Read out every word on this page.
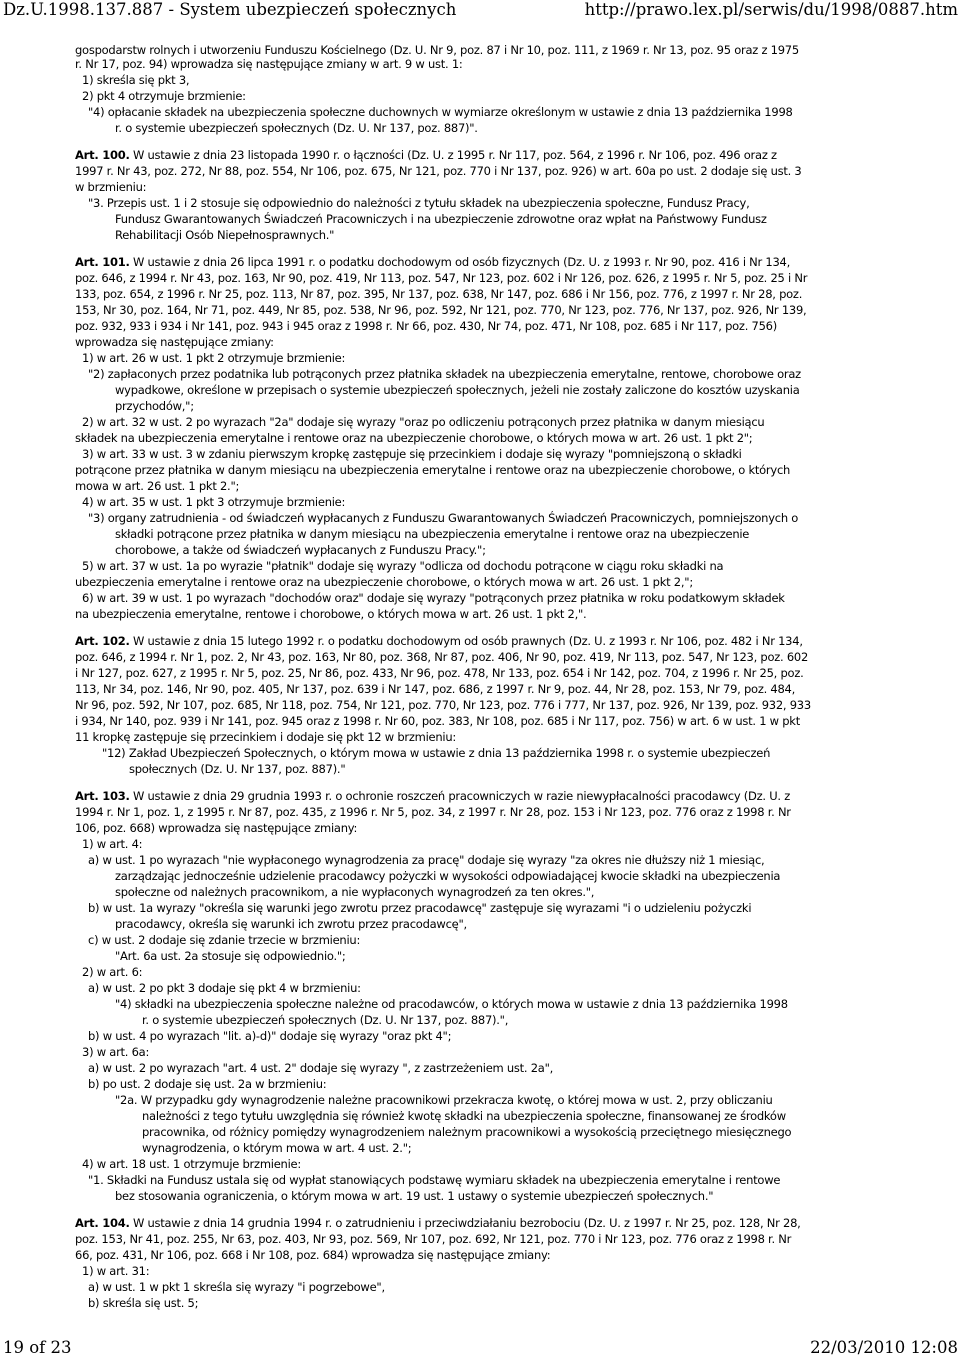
Dz.U.1998.137.887 - System ubezpieczeń społecznych	http://prawo.lex.pl/serwis/du/1998/0887.htm
gospodarstw rolnych i utworzeniu Funduszu Kościelnego (Dz. U. Nr 9, poz. 87 i Nr 10, poz. 111, z 1969 r. Nr 13, poz. 95 oraz z 1975
r. Nr 17, poz. 94) wprowadza się następujące zmiany w art. 9 w ust. 1:
1) skreśla się pkt 3,
2) pkt 4 otrzymuje brzmienie:
"4) opłacanie składek na ubezpieczenia społeczne duchownych w wymiarze określonym w ustawie z dnia 13 października 1998
r. o systemie ubezpieczeń społecznych (Dz. U. Nr 137, poz. 887)".
Art. 100. W ustawie z dnia 23 listopada 1990 r. o łączności (Dz. U. z 1995 r. Nr 117, poz. 564, z 1996 r. Nr 106, poz. 496 oraz z
1997 r. Nr 43, poz. 272, Nr 88, poz. 554, Nr 106, poz. 675, Nr 121, poz. 770 i Nr 137, poz. 926) w art. 60a po ust. 2 dodaje się ust. 3
w brzmieniu:
"3. Przepis ust. 1 i 2 stosuje się odpowiednio do należności z tytułu składek na ubezpieczenia społeczne, Fundusz Pracy,
Fundusz Gwarantowanych Świadczeń Pracowniczych i na ubezpieczenie zdrowotne oraz wpłat na Państwowy Fundusz
Rehabilitacji Osób Niepełnosprawnych."
Art. 101. W ustawie z dnia 26 lipca 1991 r. o podatku dochodowym od osób fizycznych (Dz. U. z 1993 r. Nr 90, poz. 416 i Nr 134,
poz. 646, z 1994 r. Nr 43, poz. 163, Nr 90, poz. 419, Nr 113, poz. 547, Nr 123, poz. 602 i Nr 126, poz. 626, z 1995 r. Nr 5, poz. 25 i Nr
133, poz. 654, z 1996 r. Nr 25, poz. 113, Nr 87, poz. 395, Nr 137, poz. 638, Nr 147, poz. 686 i Nr 156, poz. 776, z 1997 r. Nr 28, poz.
153, Nr 30, poz. 164, Nr 71, poz. 449, Nr 85, poz. 538, Nr 96, poz. 592, Nr 121, poz. 770, Nr 123, poz. 776, Nr 137, poz. 926, Nr 139,
poz. 932, 933 i 934 i Nr 141, poz. 943 i 945 oraz z 1998 r. Nr 66, poz. 430, Nr 74, poz. 471, Nr 108, poz. 685 i Nr 117, poz. 756)
wprowadza się następujące zmiany:
1) w art. 26 w ust. 1 pkt 2 otrzymuje brzmienie:
"2) zapłaconych przez podatnika lub potrąconych przez płatnika składek na ubezpieczenia emerytalne, rentowe, chorobowe oraz
wypadkowe, określone w przepisach o systemie ubezpieczeń społecznych, jeżeli nie zostały zaliczone do kosztów uzyskania
przychodów,";
2) w art. 32 w ust. 2 po wyrazach "2a" dodaje się wyrazy "oraz po odliczeniu potrąconych przez płatnika w danym miesiącu
składek na ubezpieczenia emerytalne i rentowe oraz na ubezpieczenie chorobowe, o których mowa w art. 26 ust. 1 pkt 2";
3) w art. 33 w ust. 3 w zdaniu pierwszym kropkę zastępuje się przecinkiem i dodaje się wyrazy "pomniejszoną o składki
potrącone przez płatnika w danym miesiącu na ubezpieczenia emerytalne i rentowe oraz na ubezpieczenie chorobowe, o których
mowa w art. 26 ust. 1 pkt 2.";
4) w art. 35 w ust. 1 pkt 3 otrzymuje brzmienie:
"3) organy zatrudnienia - od świadczeń wypłacanych z Funduszu Gwarantowanych Świadczeń Pracowniczych, pomniejszonych o
składki potrącone przez płatnika w danym miesiącu na ubezpieczenia emerytalne i rentowe oraz na ubezpieczenie
chorobowe, a także od świadczeń wypłacanych z Funduszu Pracy.";
5) w art. 37 w ust. 1a po wyrazie "płatnik" dodaje się wyrazy "odlicza od dochodu potrącone w ciągu roku składki na
ubezpieczenia emerytalne i rentowe oraz na ubezpieczenie chorobowe, o których mowa w art. 26 ust. 1 pkt 2,";
6) w art. 39 w ust. 1 po wyrazach "dochodów oraz" dodaje się wyrazy "potrąconych przez płatnika w roku podatkowym składek
na ubezpieczenia emerytalne, rentowe i chorobowe, o których mowa w art. 26 ust. 1 pkt 2,".
Art. 102. W ustawie z dnia 15 lutego 1992 r. o podatku dochodowym od osób prawnych (Dz. U. z 1993 r. Nr 106, poz. 482 i Nr 134,
poz. 646, z 1994 r. Nr 1, poz. 2, Nr 43, poz. 163, Nr 80, poz. 368, Nr 87, poz. 406, Nr 90, poz. 419, Nr 113, poz. 547, Nr 123, poz. 602
i Nr 127, poz. 627, z 1995 r. Nr 5, poz. 25, Nr 86, poz. 433, Nr 96, poz. 478, Nr 133, poz. 654 i Nr 142, poz. 704, z 1996 r. Nr 25, poz.
113, Nr 34, poz. 146, Nr 90, poz. 405, Nr 137, poz. 639 i Nr 147, poz. 686, z 1997 r. Nr 9, poz. 44, Nr 28, poz. 153, Nr 79, poz. 484,
Nr 96, poz. 592, Nr 107, poz. 685, Nr 118, poz. 754, Nr 121, poz. 770, Nr 123, poz. 776 i 777, Nr 137, poz. 926, Nr 139, poz. 932, 933
i 934, Nr 140, poz. 939 i Nr 141, poz. 945 oraz z 1998 r. Nr 60, poz. 383, Nr 108, poz. 685 i Nr 117, poz. 756) w art. 6 w ust. 1 w pkt
11 kropkę zastępuje się przecinkiem i dodaje się pkt 12 w brzmieniu:
"12) Zakład Ubezpieczeń Społecznych, o którym mowa w ustawie z dnia 13 października 1998 r. o systemie ubezpieczeń
społecznych (Dz. U. Nr 137, poz. 887)."
Art. 103. W ustawie z dnia 29 grudnia 1993 r. o ochronie roszczeń pracowniczych w razie niewypłacalności pracodawcy (Dz. U. z
1994 r. Nr 1, poz. 1, z 1995 r. Nr 87, poz. 435, z 1996 r. Nr 5, poz. 34, z 1997 r. Nr 28, poz. 153 i Nr 123, poz. 776 oraz z 1998 r. Nr
106, poz. 668) wprowadza się następujące zmiany:
1) w art. 4:
a) w ust. 1 po wyrazach "nie wypłaconego wynagrodzenia za pracę" dodaje się wyrazy "za okres nie dłuższy niż 1 miesiąc,
zarządzając jednocześnie udzielenie pracodawcy pożyczki w wysokości odpowiadającej kwocie składki na ubezpieczenia
społeczne od należnych pracownikom, a nie wypłaconych wynagrodzeń za ten okres.",
b) w ust. 1a wyrazy "określa się warunki jego zwrotu przez pracodawcę" zastępuje się wyrazami "i o udzieleniu pożyczki
pracodawcy, określa się warunki ich zwrotu przez pracodawcę",
c) w ust. 2 dodaje się zdanie trzecie w brzmieniu:
"Art. 6a ust. 2a stosuje się odpowiednio.";
2) w art. 6:
a) w ust. 2 po pkt 3 dodaje się pkt 4 w brzmieniu:
"4) składki na ubezpieczenia społeczne należne od pracodawców, o których mowa w ustawie z dnia 13 października 1998
r. o systemie ubezpieczeń społecznych (Dz. U. Nr 137, poz. 887).",
b) w ust. 4 po wyrazach "lit. a)-d)" dodaje się wyrazy "oraz pkt 4";
3) w art. 6a:
a) w ust. 2 po wyrazach "art. 4 ust. 2" dodaje się wyrazy ", z zastrzeżeniem ust. 2a",
b) po ust. 2 dodaje się ust. 2a w brzmieniu:
"2a. W przypadku gdy wynagrodzenie należne pracownikowi przekracza kwotę, o której mowa w ust. 2, przy obliczaniu
należności z tego tytułu uwzględnia się również kwotę składki na ubezpieczenia społeczne, finansowanej ze środków
pracownika, od różnicy pomiędzy wynagrodzeniem należnym pracownikowi a wysokością przeciętnego miesięcznego
wynagrodzenia, o którym mowa w art. 4 ust. 2.";
4) w art. 18 ust. 1 otrzymuje brzmienie:
"1. Składki na Fundusz ustala się od wypłat stanowiących podstawę wymiaru składek na ubezpieczenia emerytalne i rentowe
bez stosowania ograniczenia, o którym mowa w art. 19 ust. 1 ustawy o systemie ubezpieczeń społecznych."
Art. 104. W ustawie z dnia 14 grudnia 1994 r. o zatrudnieniu i przeciwdziałaniu bezrobociu (Dz. U. z 1997 r. Nr 25, poz. 128, Nr 28,
poz. 153, Nr 41, poz. 255, Nr 63, poz. 403, Nr 93, poz. 569, Nr 107, poz. 692, Nr 121, poz. 770 i Nr 123, poz. 776 oraz z 1998 r. Nr
66, poz. 431, Nr 106, poz. 668 i Nr 108, poz. 684) wprowadza się następujące zmiany:
1) w art. 31:
a) w ust. 1 w pkt 1 skreśla się wyrazy "i pogrzebowe",
b) skreśla się ust. 5;
19 of 23	22/03/2010 12:08
